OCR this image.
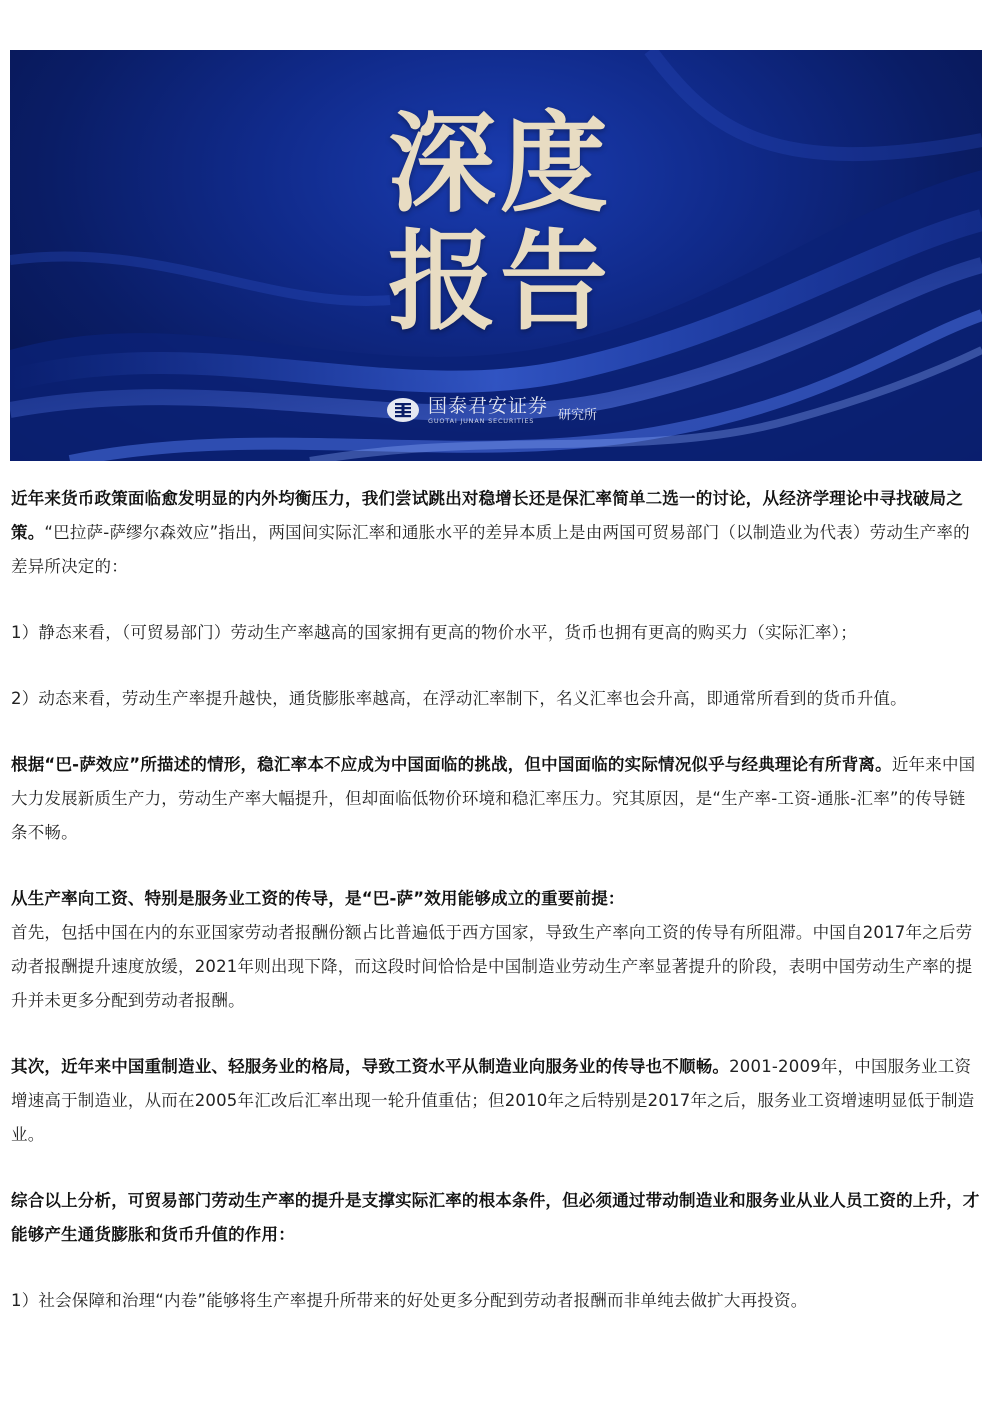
深度
报告
国泰君安证券
GUOTAI JUNAN SECURITIES	研究所

近年来货币政策面临愈发明显的内外均衡压力，我们尝试跳出对稳增长还是保汇率简单二选一的讨论，从经济学理论中寻找破局之策。“巴拉萨-萨缪尔森效应”指出，两国间实际汇率和通胀水平的差异本质上是由两国可贸易部门（以制造业为代表）劳动生产率的差异所决定的：

1）静态来看，（可贸易部门）劳动生产率越高的国家拥有更高的物价水平，货币也拥有更高的购买力（实际汇率）；

2）动态来看，劳动生产率提升越快，通货膨胀率越高，在浮动汇率制下，名义汇率也会升高，即通常所看到的货币升值。

根据“巴-萨效应”所描述的情形，稳汇率本不应成为中国面临的挑战，但中国面临的实际情况似乎与经典理论有所背离。近年来中国大力发展新质生产力，劳动生产率大幅提升，但却面临低物价环境和稳汇率压力。究其原因，是“生产率-工资-通胀-汇率”的传导链条不畅。

从生产率向工资、特别是服务业工资的传导，是“巴-萨”效用能够成立的重要前提：
首先，包括中国在内的东亚国家劳动者报酬份额占比普遍低于西方国家，导致生产率向工资的传导有所阻滞。中国自2017年之后劳动者报酬提升速度放缓，2021年则出现下降，而这段时间恰恰是中国制造业劳动生产率显著提升的阶段，表明中国劳动生产率的提升并未更多分配到劳动者报酬。

其次，近年来中国重制造业、轻服务业的格局，导致工资水平从制造业向服务业的传导也不顺畅。2001-2009年，中国服务业工资增速高于制造业，从而在2005年汇改后汇率出现一轮升值重估；但2010年之后特别是2017年之后，服务业工资增速明显低于制造业。

综合以上分析，可贸易部门劳动生产率的提升是支撑实际汇率的根本条件，但必须通过带动制造业和服务业从业人员工资的上升，才能够产生通货膨胀和货币升值的作用：

1）社会保障和治理“内卷”能够将生产率提升所带来的好处更多分配到劳动者报酬而非单纯去做扩大再投资。
